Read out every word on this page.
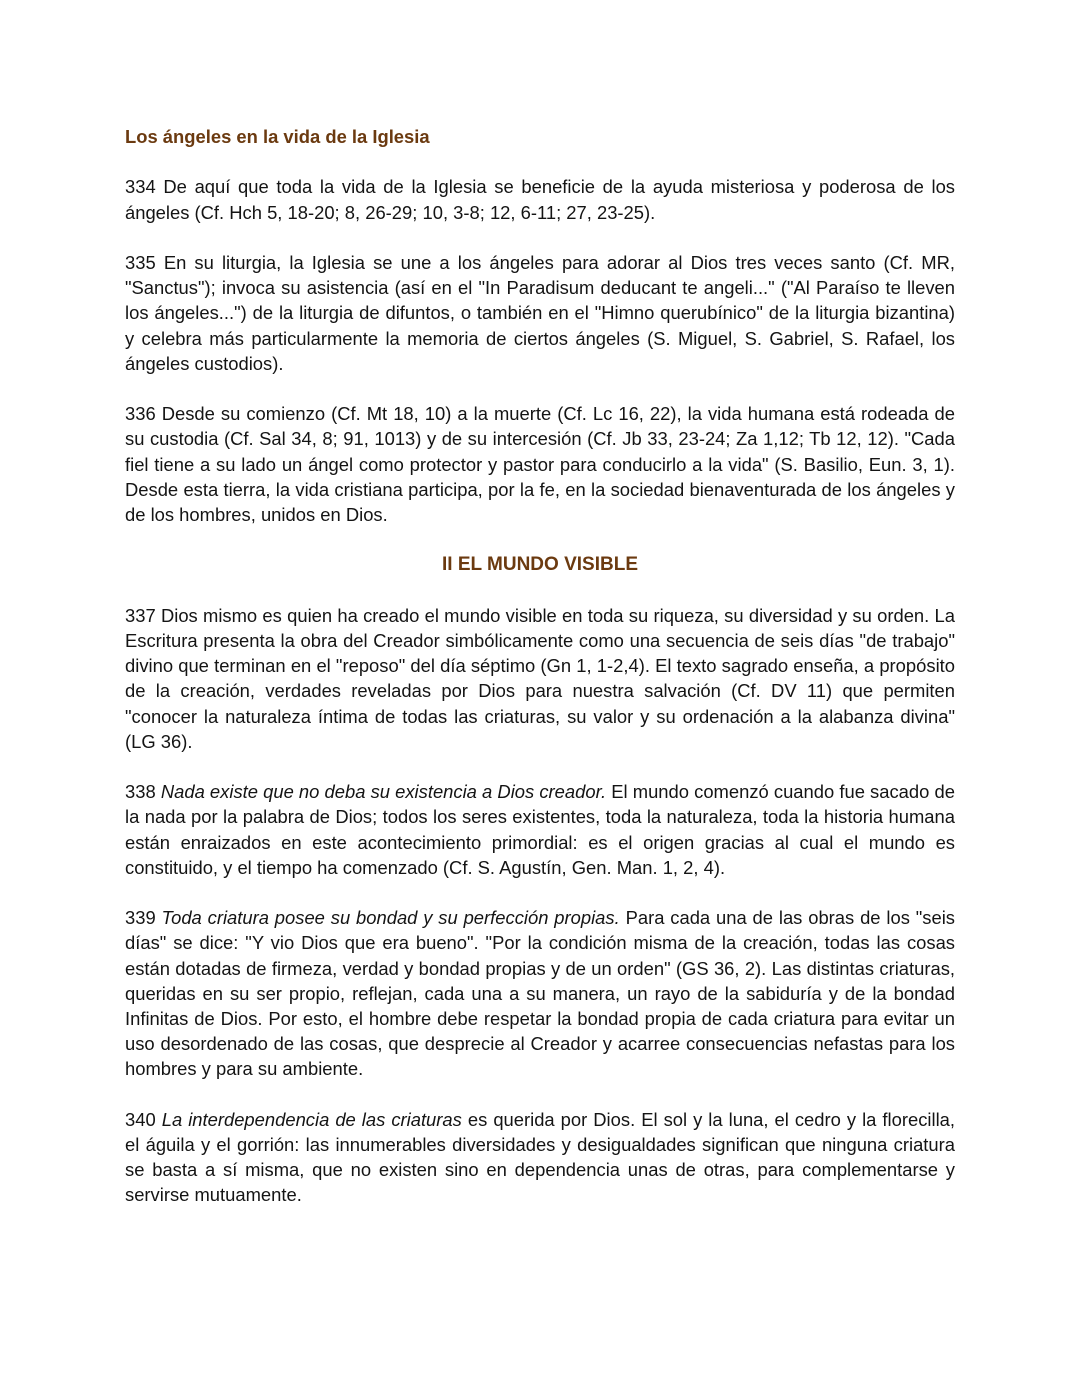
Los ángeles en la vida de la Iglesia

334 De aquí que toda la vida de la Iglesia se beneficie de la ayuda misteriosa y poderosa de los ángeles (Cf. Hch 5, 18-20; 8, 26-29; 10, 3-8; 12, 6-11; 27, 23-25).

335 En su liturgia, la Iglesia se une a los ángeles para adorar al Dios tres veces santo (Cf. MR, "Sanctus"); invoca su asistencia (así en el "In Paradisum deducant te angeli..." ("Al Paraíso te lleven los ángeles...") de la liturgia de difuntos, o también en el "Himno querubínico" de la liturgia bizantina) y celebra más particularmente la memoria de ciertos ángeles (S. Miguel, S. Gabriel, S. Rafael, los ángeles custodios).

336 Desde su comienzo (Cf. Mt 18, 10) a la muerte (Cf. Lc 16, 22), la vida humana está rodeada de su custodia (Cf. Sal 34, 8; 91, 1013) y de su intercesión (Cf. Jb 33, 23-24; Za 1,12; Tb 12, 12). "Cada fiel tiene a su lado un ángel como protector y pastor para conducirlo a la vida" (S. Basilio, Eun. 3, 1). Desde esta tierra, la vida cristiana participa, por la fe, en la sociedad bienaventurada de los ángeles y de los hombres, unidos en Dios.

II EL MUNDO VISIBLE

337 Dios mismo es quien ha creado el mundo visible en toda su riqueza, su diversidad y su orden. La Escritura presenta la obra del Creador simbólicamente como una secuencia de seis días "de trabajo" divino que terminan en el "reposo" del día séptimo (Gn 1, 1-2,4). El texto sagrado enseña, a propósito de la creación, verdades reveladas por Dios para nuestra salvación (Cf. DV 11) que permiten "conocer la naturaleza íntima de todas las criaturas, su valor y su ordenación a la alabanza divina" (LG 36).

338 Nada existe que no deba su existencia a Dios creador. El mundo comenzó cuando fue sacado de la nada por la palabra de Dios; todos los seres existentes, toda la naturaleza, toda la historia humana están enraizados en este acontecimiento primordial: es el origen gracias al cual el mundo es constituido, y el tiempo ha comenzado (Cf. S. Agustín, Gen. Man. 1, 2, 4).

339 Toda criatura posee su bondad y su perfección propias. Para cada una de las obras de los "seis días" se dice: "Y vio Dios que era bueno". "Por la condición misma de la creación, todas las cosas están dotadas de firmeza, verdad y bondad propias y de un orden" (GS 36, 2). Las distintas criaturas, queridas en su ser propio, reflejan, cada una a su manera, un rayo de la sabiduría y de la bondad Infinitas de Dios. Por esto, el hombre debe respetar la bondad propia de cada criatura para evitar un uso desordenado de las cosas, que desprecie al Creador y acarree consecuencias nefastas para los hombres y para su ambiente.

340 La interdependencia de las criaturas es querida por Dios. El sol y la luna, el cedro y la florecilla, el águila y el gorrión: las innumerables diversidades y desigualdades significan que ninguna criatura se basta a sí misma, que no existen sino en dependencia unas de otras, para complementarse y servirse mutuamente.
